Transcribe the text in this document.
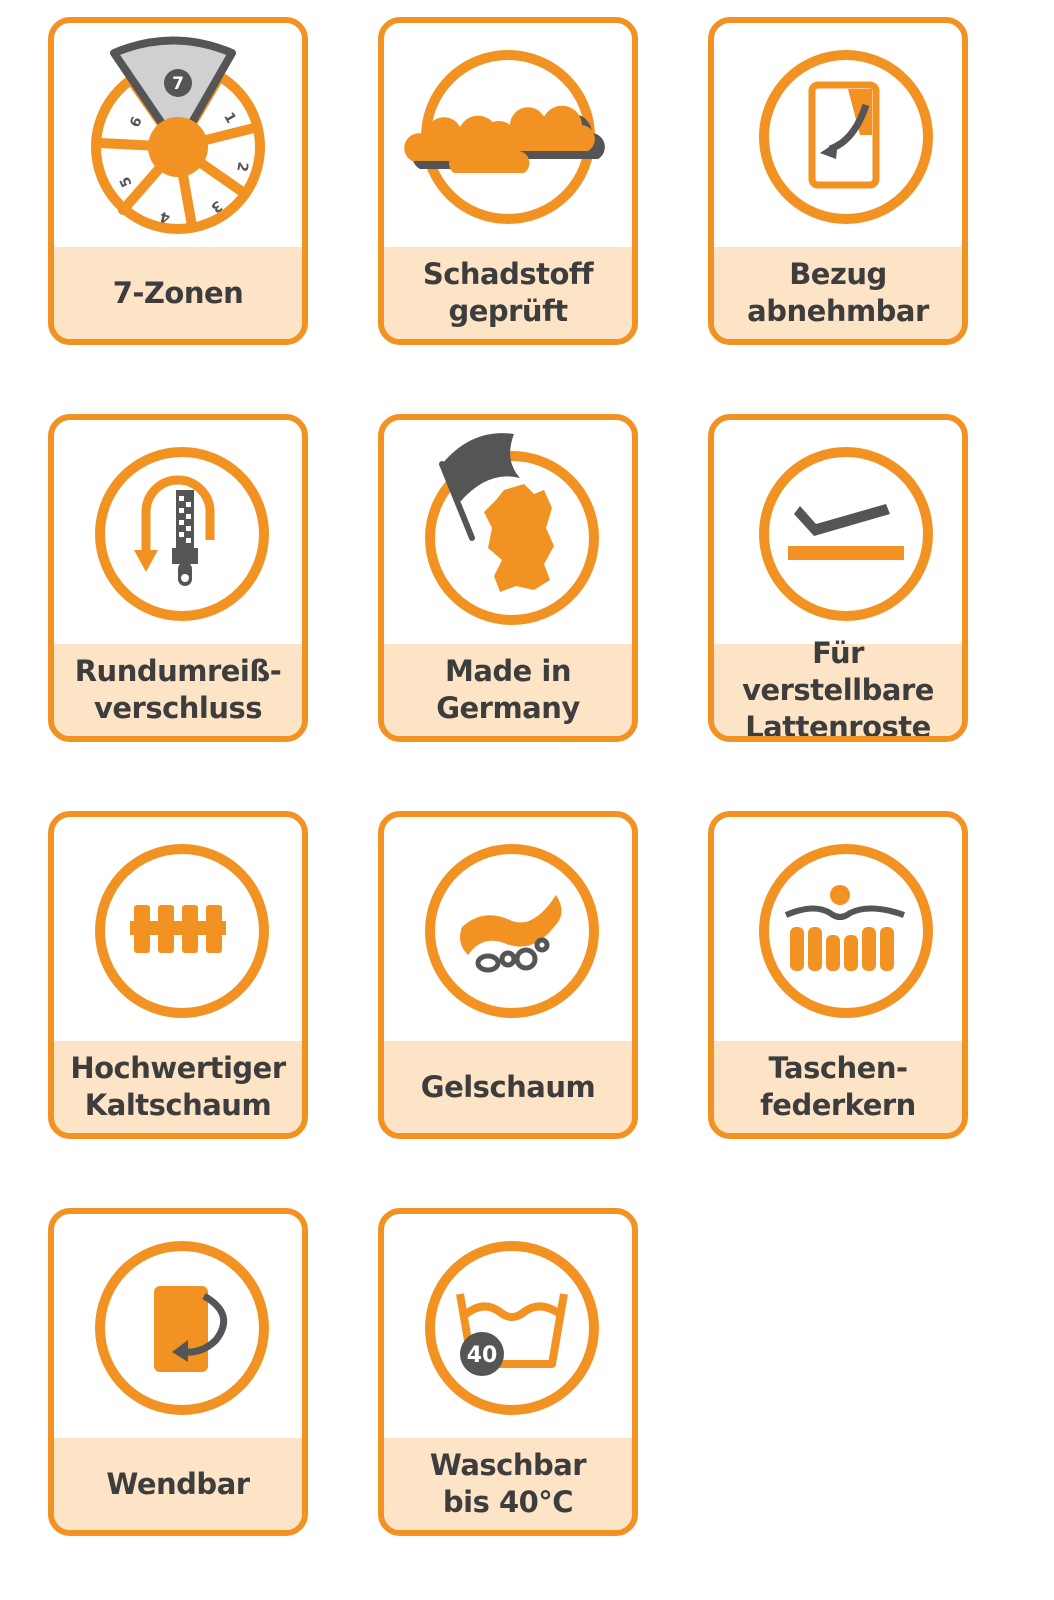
7
1
2
3
4
5
6
7-Zonen
Schadstoff
geprüft
Bezug
abnehmbar
Rundumreiß-
verschluss
Made in
Germany
Für verstellbare
Lattenroste
Hochwertiger
Kaltschaum
Gelschaum
Taschen-
federkern
Wendbar
40
Waschbar
bis 40°C
